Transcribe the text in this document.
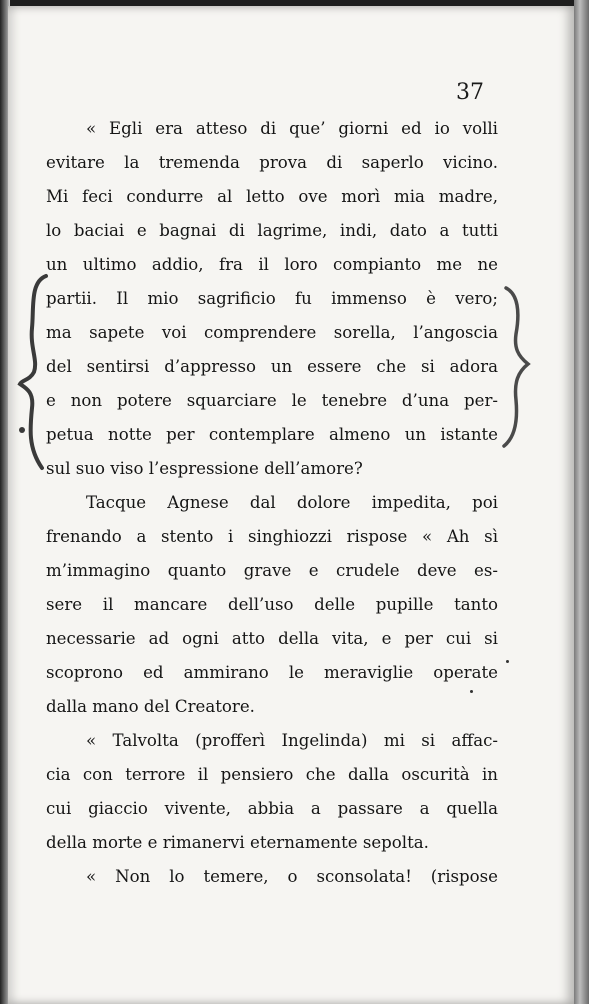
37
« Egli era atteso di que’ giorni ed io volli
evitare la tremenda prova di saperlo vicino.
Mi feci condurre al letto ove morì mia madre,
lo baciai e bagnai di lagrime, indi, dato a tutti
un ultimo addio, fra il loro compianto me ne
partii. Il mio sagrificio fu immenso è vero;
ma sapete voi comprendere sorella, l’angoscia
del sentirsi d’appresso un essere che si adora
e non potere squarciare le tenebre d’una per-
petua notte per contemplare almeno un istante
sul suo viso l’espressione dell’amore?
Tacque Agnese dal dolore impedita, poi
frenando a stento i singhiozzi rispose « Ah sì
m’immagino quanto grave e crudele deve es-
sere il mancare dell’uso delle pupille tanto
necessarie ad ogni atto della vita, e per cui si
scoprono ed ammirano le meraviglie operate
dalla mano del Creatore.
« Talvolta (profferì Ingelinda) mi si affac-
cia con terrore il pensiero che dalla oscurità in
cui giaccio vivente, abbia a passare a quella
della morte e rimanervi eternamente sepolta.
« Non lo temere, o sconsolata! (rispose
